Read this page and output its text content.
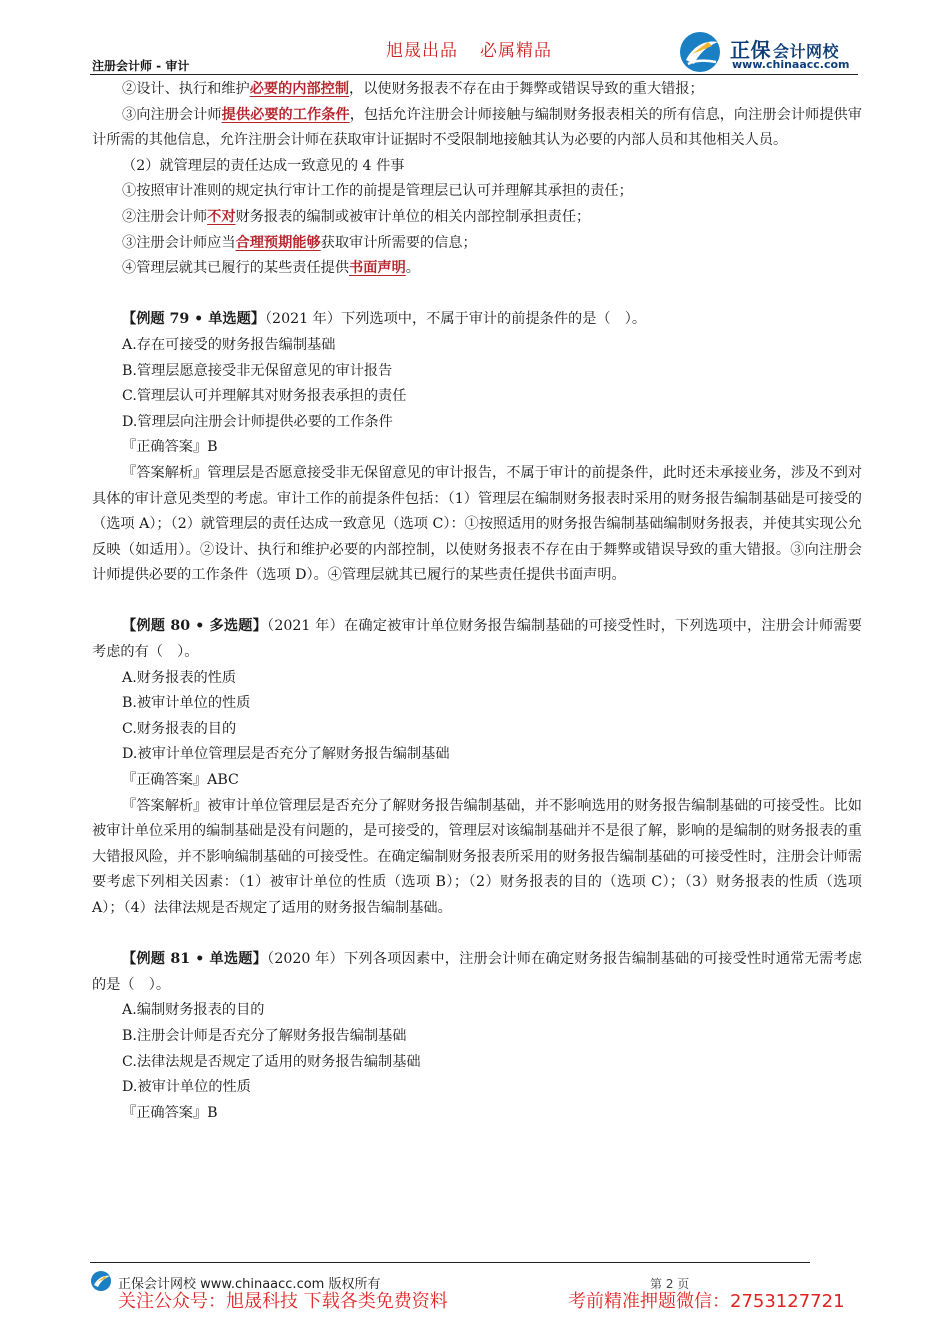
旭晟出品 必属精品

注册会计师 - 审计

正保 会计网校
www.chinaacc.com

②设计、执行和维护必要的内部控制，以使财务报表不存在由于舞弊或错误导致的重大错报；

③向注册会计师提供必要的工作条件，包括允许注册会计师接触与编制财务报表相关的所有信息，向注册会计师提供审计所需的其他信息，允许注册会计师在获取审计证据时不受限制地接触其认为必要的内部人员和其他相关人员。

（2）就管理层的责任达成一致意见的 4 件事

①按照审计准则的规定执行审计工作的前提是管理层已认可并理解其承担的责任；

②注册会计师不对财务报表的编制或被审计单位的相关内部控制承担责任；

③注册会计师应当合理预期能够获取审计所需要的信息；

④管理层就其已履行的某些责任提供书面声明。

【例题 79 • 单选题】（2021 年）下列选项中，不属于审计的前提条件的是（　）。

A.存在可接受的财务报告编制基础

B.管理层愿意接受非无保留意见的审计报告

C.管理层认可并理解其对财务报表承担的责任

D.管理层向注册会计师提供必要的工作条件

『正确答案』B

『答案解析』管理层是否愿意接受非无保留意见的审计报告，不属于审计的前提条件，此时还未承接业务，涉及不到对具体的审计意见类型的考虑。审计工作的前提条件包括：（1）管理层在编制财务报表时采用的财务报告编制基础是可接受的（选项 A）；（2）就管理层的责任达成一致意见（选项 C）：①按照适用的财务报告编制基础编制财务报表，并使其实现公允反映（如适用）。②设计、执行和维护必要的内部控制，以使财务报表不存在由于舞弊或错误导致的重大错报。③向注册会计师提供必要的工作条件（选项 D）。④管理层就其已履行的某些责任提供书面声明。

【例题 80 • 多选题】（2021 年）在确定被审计单位财务报告编制基础的可接受性时，下列选项中，注册会计师需要考虑的有（　）。

A.财务报表的性质

B.被审计单位的性质

C.财务报表的目的

D.被审计单位管理层是否充分了解财务报告编制基础

『正确答案』ABC

『答案解析』被审计单位管理层是否充分了解财务报告编制基础，并不影响选用的财务报告编制基础的可接受性。比如被审计单位采用的编制基础是没有问题的，是可接受的，管理层对该编制基础并不是很了解，影响的是编制的财务报表的重大错报风险，并不影响编制基础的可接受性。在确定编制财务报表所采用的财务报告编制基础的可接受性时，注册会计师需要考虑下列相关因素：（1）被审计单位的性质（选项 B）；（2）财务报表的目的（选项 C）；（3）财务报表的性质（选项 A）；（4）法律法规是否规定了适用的财务报告编制基础。

【例题 81 • 单选题】（2020 年）下列各项因素中，注册会计师在确定财务报告编制基础的可接受性时通常无需考虑的是（　）。

A.编制财务报表的目的

B.注册会计师是否充分了解财务报告编制基础

C.法律法规是否规定了适用的财务报告编制基础

D.被审计单位的性质

『正确答案』B

正保会计网校 www.chinaacc.com 版权所有	第 2 页

关注公众号：旭晟科技 下载各类免费资料	考前精准押题微信：2753127721
